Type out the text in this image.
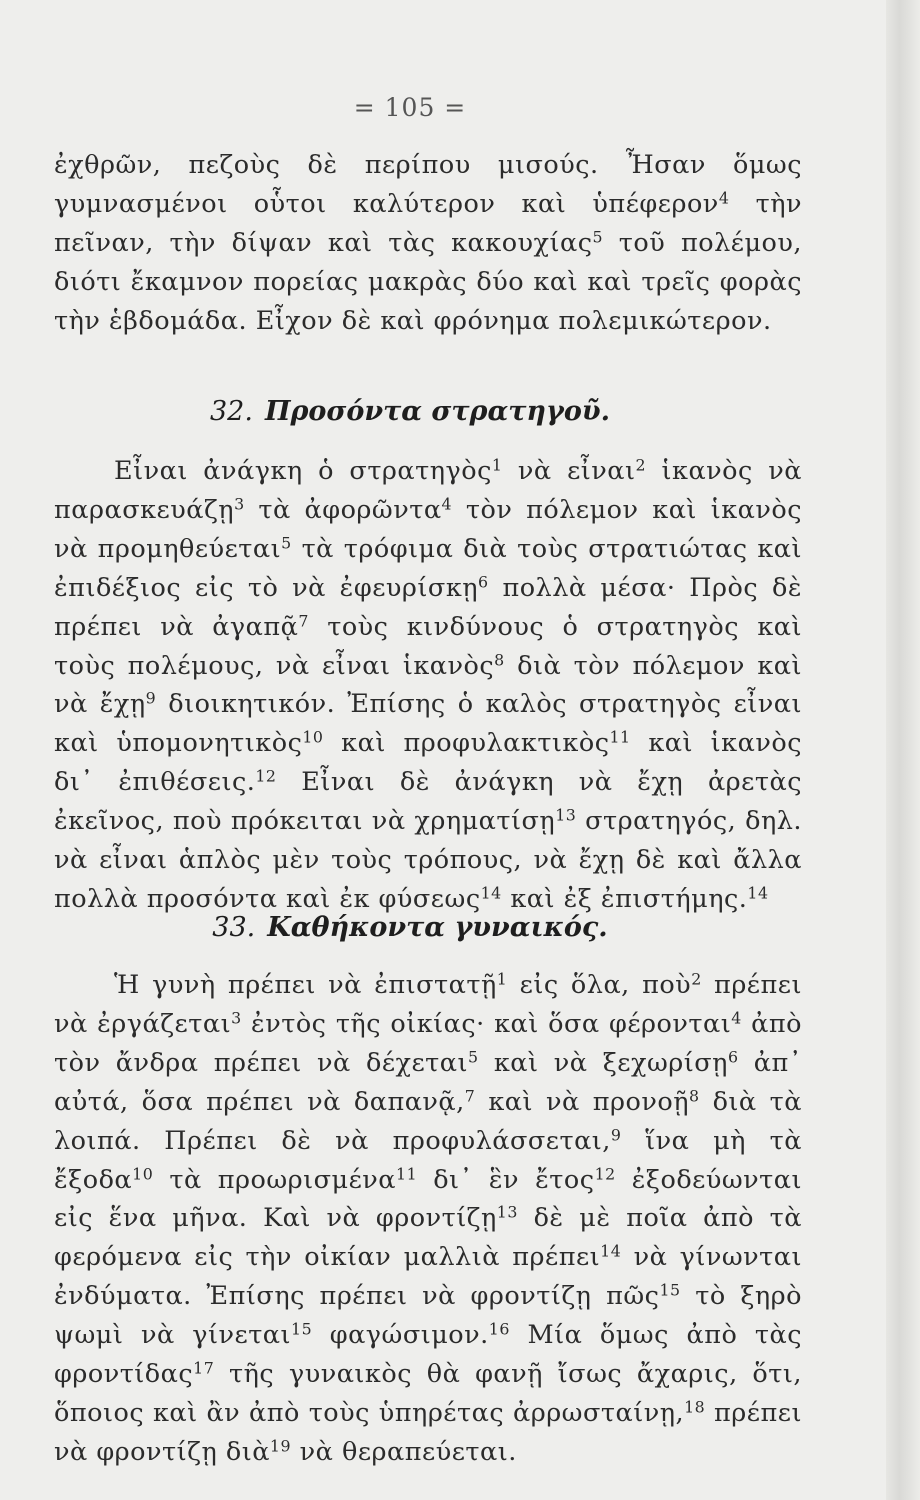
= 105 =

ἐχθρῶν, πεζοὺς δὲ περίπου μισούς. Ἦσαν ὅμως γυμνασμένοι οὗτοι καλύτερον καὶ ὑπέφερον$^4$ τὴν πεῖναν, τὴν δίψαν καὶ τὰς κακουχίας$^5$ τοῦ πολέμου, διότι ἔκαμνον πορείας μακρὰς δύο καὶ καὶ τρεῖς φορὰς τὴν ἑβδομάδα. Εἶχον δὲ καὶ φρόνημα πολεμικώτερον.

32. Προσόντα στρατηγοῦ.

Εἶναι ἀνάγκη ὁ στρατηγὸς$^1$ νὰ εἶναι$^2$ ἱκανὸς νὰ παρασκευάζῃ$^3$ τὰ ἀφορῶντα$^4$ τὸν πόλεμον καὶ ἱκανὸς νὰ προμηθεύεται$^5$ τὰ τρόφιμα διὰ τοὺς στρατιώτας καὶ ἐπιδέξιος εἰς τὸ νὰ ἐφευρίσκῃ$^6$ πολλὰ μέσα· Πρὸς δὲ πρέπει νὰ ἀγαπᾷ$^7$ τοὺς κινδύνους ὁ στρατηγὸς καὶ τοὺς πολέμους, νὰ εἶναι ἱκανὸς$^8$ διὰ τὸν πόλεμον καὶ νὰ ἔχῃ$^9$ διοικητικόν. Ἐπίσης ὁ καλὸς στρατηγὸς εἶναι καὶ ὑπομονητικὸς$^{10}$ καὶ προφυλακτικὸς$^{11}$ καὶ ἱκανὸς δι᾽ ἐπιθέσεις.$^{12}$ Εἶναι δὲ ἀνάγκη νὰ ἔχῃ ἀρετὰς ἐκεῖνος, ποὺ πρόκειται νὰ χρηματίσῃ$^{13}$ στρατηγός, δηλ. νὰ εἶναι ἁπλὸς μὲν τοὺς τρόπους, νὰ ἔχῃ δὲ καὶ ἄλλα πολλὰ προσόντα καὶ ἐκ φύσεως$^{14}$ καὶ ἐξ ἐπιστήμης.$^{14}$

33. Καθήκοντα γυναικός.

Ἡ γυνὴ πρέπει νὰ ἐπιστατῇ$^1$ εἰς ὅλα, ποὺ$^2$ πρέπει νὰ ἐργάζεται$^3$ ἐντὸς τῆς οἰκίας· καὶ ὅσα φέρονται$^4$ ἀπὸ τὸν ἄνδρα πρέπει νὰ δέχεται$^5$ καὶ νὰ ξεχωρίσῃ$^6$ ἀπ᾽ αὐτά, ὅσα πρέπει νὰ δαπανᾷ,$^7$ καὶ νὰ προνοῇ$^8$ διὰ τὰ λοιπά. Πρέπει δὲ νὰ προφυλάσσεται,$^9$ ἵνα μὴ τὰ ἔξοδα$^{10}$ τὰ προωρισμένα$^{11}$ δι᾽ ἓν ἔτος$^{12}$ ἐξοδεύωνται εἰς ἕνα μῆνα. Καὶ νὰ φροντίζῃ$^{13}$ δὲ μὲ ποῖα ἀπὸ τὰ φερόμενα εἰς τὴν οἰκίαν μαλλιὰ πρέπει$^{14}$ νὰ γίνωνται ἐνδύματα. Ἐπίσης πρέπει νὰ φροντίζῃ πῶς$^{15}$ τὸ ξηρὸ ψωμὶ νὰ γίνεται$^{15}$ φαγώσιμον.$^{16}$ Μία ὅμως ἀπὸ τὰς φροντίδας$^{17}$ τῆς γυναικὸς θὰ φανῇ ἴσως ἄχαρις, ὅτι, ὅποιος καὶ ἂν ἀπὸ τοὺς ὑπηρέτας ἀρρωσταίνῃ,$^{18}$ πρέπει νὰ φροντίζῃ διὰ$^{19}$ νὰ θεραπεύεται.
